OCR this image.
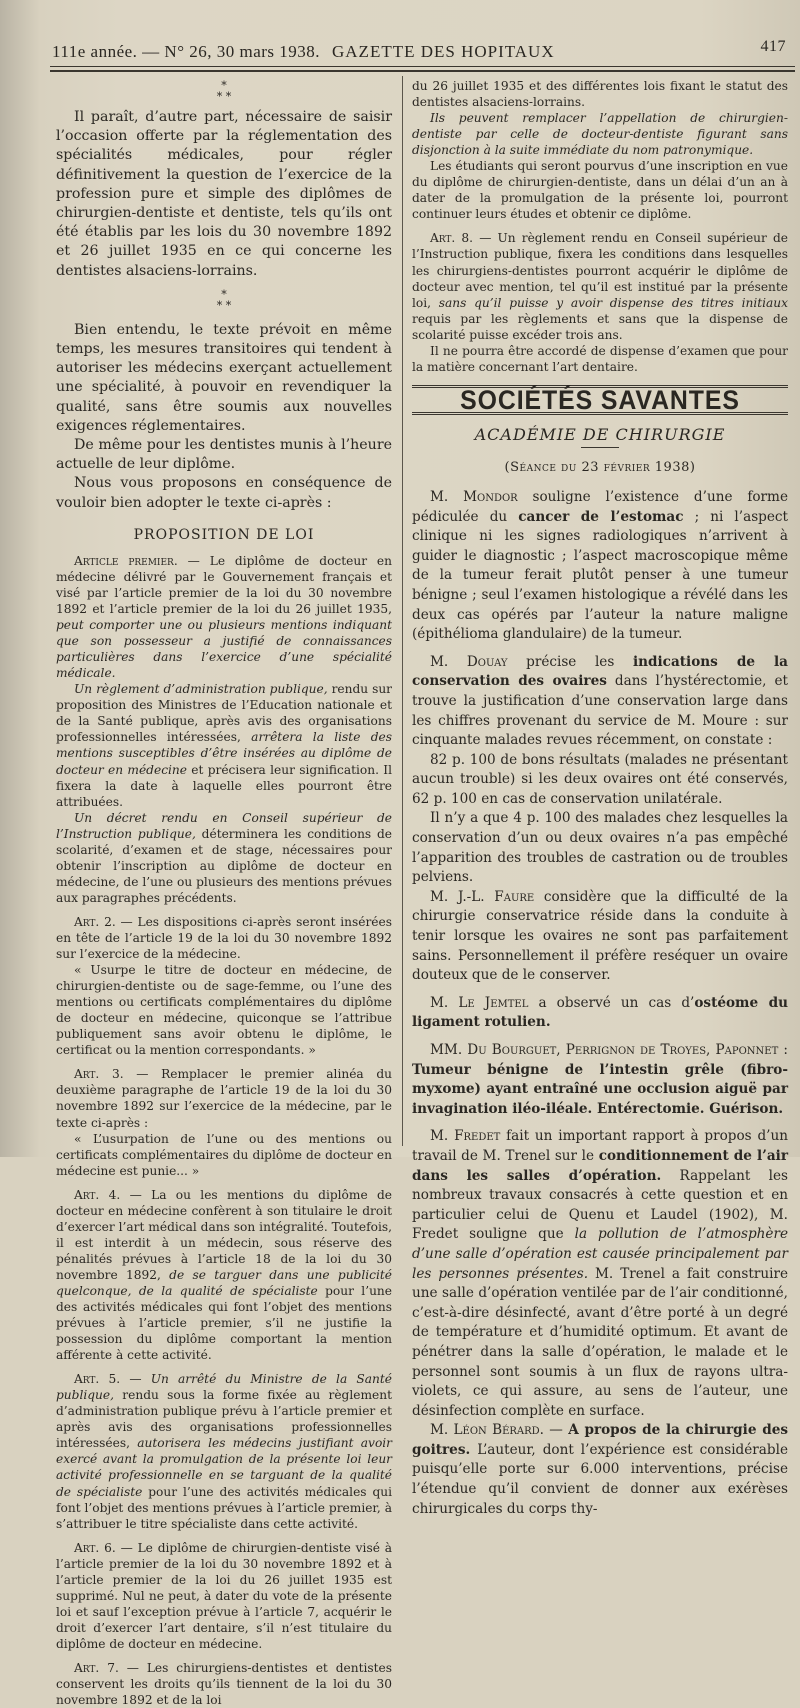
111e année. — N° 26, 30 mars 1938. GAZETTE DES HOPITAUX	417
*
* *

Il paraît, d’autre part, nécessaire de saisir l’occasion offerte par la réglementation des spécialités médicales, pour régler définitivement la question de l’exercice de la profession pure et simple des diplômes de chirurgien-dentiste et dentiste, tels qu’ils ont été établis par les lois du 30 novembre 1892 et 26 juillet 1935 en ce qui concerne les dentistes alsaciens-lorrains.

*
* *

Bien entendu, le texte prévoit en même temps, les mesures transitoires qui tendent à autoriser les médecins exerçant actuellement une spécialité, à pouvoir en revendiquer la qualité, sans être soumis aux nouvelles exigences réglementaires.

De même pour les dentistes munis à l’heure actuelle de leur diplôme.

Nous vous proposons en conséquence de vouloir bien adopter le texte ci-après :

PROPOSITION DE LOI

Article premier. — Le diplôme de docteur en médecine délivré par le Gouvernement français et visé par l’article premier de la loi du 30 novembre 1892 et l’article premier de la loi du 26 juillet 1935, peut comporter une ou plusieurs mentions indiquant que son possesseur a justifié de connaissances particulières dans l’exercice d’une spécialité médicale.

Un règlement d’administration publique, rendu sur proposition des Ministres de l’Education nationale et de la Santé publique, après avis des organisations professionnelles intéressées, arrêtera la liste des mentions susceptibles d’être insérées au diplôme de docteur en médecine et précisera leur signification. Il fixera la date à laquelle elles pourront être attribuées.

Un décret rendu en Conseil supérieur de l’Instruction publique, déterminera les conditions de scolarité, d’examen et de stage, nécessaires pour obtenir l’inscription au diplôme de docteur en médecine, de l’une ou plusieurs des mentions prévues aux paragraphes précédents.

Art. 2. — Les dispositions ci-après seront insérées en tête de l’article 19 de la loi du 30 novembre 1892 sur l’exercice de la médecine.

« Usurpe le titre de docteur en médecine, de chirurgien-dentiste ou de sage-femme, ou l’une des mentions ou certificats complémentaires du diplôme de docteur en médecine, quiconque se l’attribue publiquement sans avoir obtenu le diplôme, le certificat ou la mention correspondants. »

Art. 3. — Remplacer le premier alinéa du deuxième paragraphe de l’article 19 de la loi du 30 novembre 1892 sur l’exercice de la médecine, par le texte ci-après :

« L’usurpation de l’une ou des mentions ou certificats complémentaires du diplôme de docteur en médecine est punie... »

Art. 4. — La ou les mentions du diplôme de docteur en médecine confèrent à son titulaire le droit d’exercer l’art médical dans son intégralité. Toutefois, il est interdit à un médecin, sous réserve des pénalités prévues à l’article 18 de la loi du 30 novembre 1892, de se targuer dans une publicité quelconque, de la qualité de spécialiste pour l’une des activités médicales qui font l’objet des mentions prévues à l’article premier, s’il ne justifie la possession du diplôme comportant la mention afférente à cette activité.

Art. 5. — Un arrêté du Ministre de la Santé publique, rendu sous la forme fixée au règlement d’administration publique prévu à l’article premier et après avis des organisations professionnelles intéressées, autorisera les médecins justifiant avoir exercé avant la promulgation de la présente loi leur activité professionnelle en se targuant de la qualité de spécialiste pour l’une des activités médicales qui font l’objet des mentions prévues à l’article premier, à s’attribuer le titre spécialiste dans cette activité.

Art. 6. — Le diplôme de chirurgien-dentiste visé à l’article premier de la loi du 30 novembre 1892 et à l’article premier de la loi du 26 juillet 1935 est supprimé. Nul ne peut, à dater du vote de la présente loi et sauf l’exception prévue à l’article 7, acquérir le droit d’exercer l’art dentaire, s’il n’est titulaire du diplôme de docteur en médecine.

Art. 7. — Les chirurgiens-dentistes et dentistes conservent les droits qu’ils tiennent de la loi du 30 novembre 1892 et de la loi

du 26 juillet 1935 et des différentes lois fixant le statut des dentistes alsaciens-lorrains.

Ils peuvent remplacer l’appellation de chirurgien-dentiste par celle de docteur-dentiste figurant sans disjonction à la suite immédiate du nom patronymique.

Les étudiants qui seront pourvus d’une inscription en vue du diplôme de chirurgien-dentiste, dans un délai d’un an à dater de la promulgation de la présente loi, pourront continuer leurs études et obtenir ce diplôme.

Art. 8. — Un règlement rendu en Conseil supérieur de l’Instruction publique, fixera les conditions dans lesquelles les chirurgiens-dentistes pourront acquérir le diplôme de docteur avec mention, tel qu’il est institué par la présente loi, sans qu’il puisse y avoir dispense des titres initiaux requis par les règlements et sans que la dispense de scolarité puisse excéder trois ans.

Il ne pourra être accordé de dispense d’examen que pour la matière concernant l’art dentaire.

SOCIÉTÉS SAVANTES
ACADÉMIE DE CHIRURGIE
(Séance du 23 février 1938)

M. Mondor souligne l’existence d’une forme pédiculée du cancer de l’estomac ; ni l’aspect clinique ni les signes radiologiques n’arrivent à guider le diagnostic ; l’aspect macroscopique même de la tumeur ferait plutôt penser à une tumeur bénigne ; seul l’examen histologique a révélé dans les deux cas opérés par l’auteur la nature maligne (épithélioma glandulaire) de la tumeur.

M. Douay précise les indications de la conservation des ovaires dans l’hystérectomie, et trouve la justification d’une conservation large dans les chiffres provenant du service de M. Moure : sur cinquante malades revues récemment, on constate :

82 p. 100 de bons résultats (malades ne présentant aucun trouble) si les deux ovaires ont été conservés, 62 p. 100 en cas de conservation unilatérale.

Il n’y a que 4 p. 100 des malades chez lesquelles la conservation d’un ou deux ovaires n’a pas empêché l’apparition des troubles de castration ou de troubles pelviens.

M. J.-L. Faure considère que la difficulté de la chirurgie conservatrice réside dans la conduite à tenir lorsque les ovaires ne sont pas parfaitement sains. Personnellement il préfère reséquer un ovaire douteux que de le conserver.

M. Le Jemtel a observé un cas d’ostéome du ligament rotulien.

MM. Du Bourguet, Perrignon de Troyes, Paponnet : Tumeur bénigne de l’intestin grêle (fibro-myxome) ayant entraîné une occlusion aiguë par invagination iléo-iléale. Entérectomie. Guérison.

M. Fredet fait un important rapport à propos d’un travail de M. Trenel sur le conditionnement de l’air dans les salles d’opération. Rappelant les nombreux travaux consacrés à cette question et en particulier celui de Quenu et Laudel (1902), M. Fredet souligne que la pollution de l’atmosphère d’une salle d’opération est causée principalement par les personnes présentes. M. Trenel a fait construire une salle d’opération ventilée par de l’air conditionné, c’est-à-dire désinfecté, avant d’être porté à un degré de température et d’humidité optimum. Et avant de pénétrer dans la salle d’opération, le malade et le personnel sont soumis à un flux de rayons ultra-violets, ce qui assure, au sens de l’auteur, une désinfection complète en surface.

M. Léon Bérard. — A propos de la chirurgie des goitres. L’auteur, dont l’expérience est considérable puisqu’elle porte sur 6.000 interventions, précise l’étendue qu’il convient de donner aux exérèses chirurgicales du corps thy-
